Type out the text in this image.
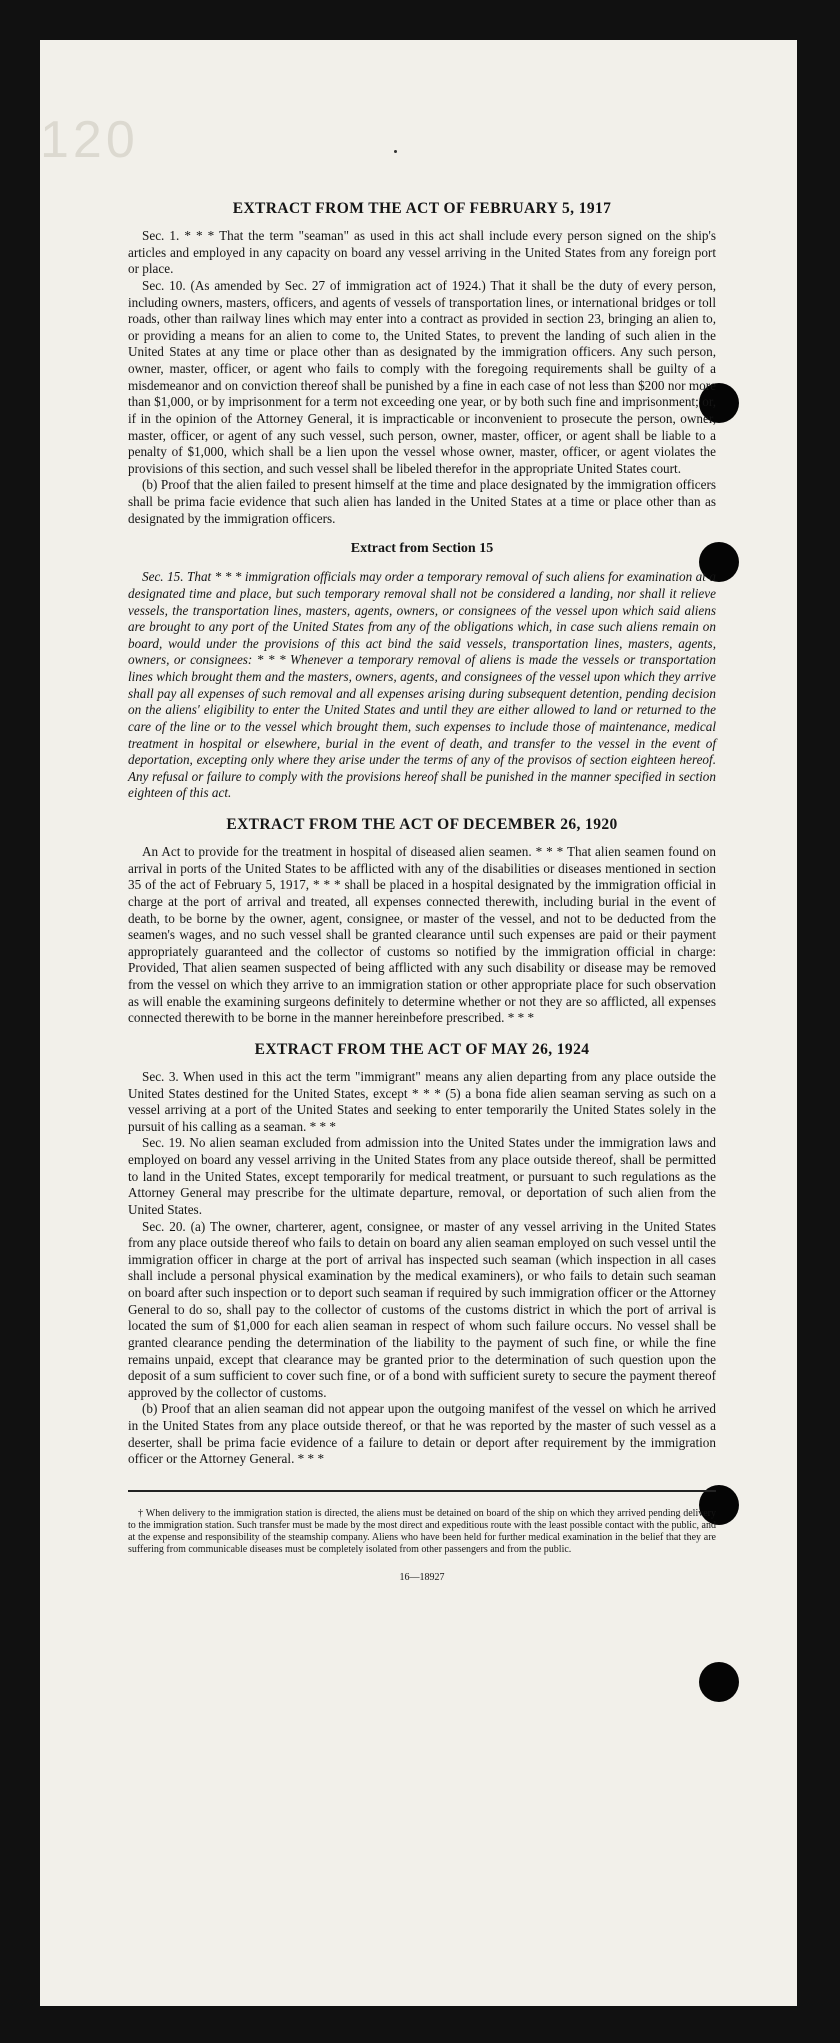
120
EXTRACT FROM THE ACT OF FEBRUARY 5, 1917

Sec. 1. * * * That the term "seaman" as used in this act shall include every person signed on the ship's articles and employed in any capacity on board any vessel arriving in the United States from any foreign port or place.

Sec. 10. (As amended by Sec. 27 of immigration act of 1924.) That it shall be the duty of every person, including owners, masters, officers, and agents of vessels of transportation lines, or international bridges or toll roads, other than railway lines which may enter into a contract as provided in section 23, bringing an alien to, or providing a means for an alien to come to, the United States, to prevent the landing of such alien in the United States at any time or place other than as designated by the immigration officers. Any such person, owner, master, officer, or agent who fails to comply with the foregoing requirements shall be guilty of a misdemeanor and on conviction thereof shall be punished by a fine in each case of not less than $200 nor more than $1,000, or by imprisonment for a term not exceeding one year, or by both such fine and imprisonment; or, if in the opinion of the Attorney General, it is impracticable or inconvenient to prosecute the person, owner, master, officer, or agent of any such vessel, such person, owner, master, officer, or agent shall be liable to a penalty of $1,000, which shall be a lien upon the vessel whose owner, master, officer, or agent violates the provisions of this section, and such vessel shall be libeled therefor in the appropriate United States court.

(b) Proof that the alien failed to present himself at the time and place designated by the immigration officers shall be prima facie evidence that such alien has landed in the United States at a time or place other than as designated by the immigration officers.

Extract from Section 15

Sec. 15. That * * * immigration officials may order a temporary removal of such aliens for examination at a designated time and place, but such temporary removal shall not be considered a landing, nor shall it relieve vessels, the transportation lines, masters, agents, owners, or consignees of the vessel upon which said aliens are brought to any port of the United States from any of the obligations which, in case such aliens remain on board, would under the provisions of this act bind the said vessels, transportation lines, masters, agents, owners, or consignees: * * * Whenever a temporary removal of aliens is made the vessels or transportation lines which brought them and the masters, owners, agents, and consignees of the vessel upon which they arrive shall pay all expenses of such removal and all expenses arising during subsequent detention, pending decision on the aliens' eligibility to enter the United States and until they are either allowed to land or returned to the care of the line or to the vessel which brought them, such expenses to include those of maintenance, medical treatment in hospital or elsewhere, burial in the event of death, and transfer to the vessel in the event of deportation, excepting only where they arise under the terms of any of the provisos of section eighteen hereof. Any refusal or failure to comply with the provisions hereof shall be punished in the manner specified in section eighteen of this act.

EXTRACT FROM THE ACT OF DECEMBER 26, 1920

An Act to provide for the treatment in hospital of diseased alien seamen. * * * That alien seamen found on arrival in ports of the United States to be afflicted with any of the disabilities or diseases mentioned in section 35 of the act of February 5, 1917, * * * shall be placed in a hospital designated by the immigration official in charge at the port of arrival and treated, all expenses connected therewith, including burial in the event of death, to be borne by the owner, agent, consignee, or master of the vessel, and not to be deducted from the seamen's wages, and no such vessel shall be granted clearance until such expenses are paid or their payment appropriately guaranteed and the collector of customs so notified by the immigration official in charge: Provided, That alien seamen suspected of being afflicted with any such disability or disease may be removed from the vessel on which they arrive to an immigration station or other appropriate place for such observation as will enable the examining surgeons definitely to determine whether or not they are so afflicted, all expenses connected therewith to be borne in the manner hereinbefore prescribed. * * *

EXTRACT FROM THE ACT OF MAY 26, 1924

Sec. 3. When used in this act the term "immigrant" means any alien departing from any place outside the United States destined for the United States, except * * * (5) a bona fide alien seaman serving as such on a vessel arriving at a port of the United States and seeking to enter temporarily the United States solely in the pursuit of his calling as a seaman. * * *

Sec. 19. No alien seaman excluded from admission into the United States under the immigration laws and employed on board any vessel arriving in the United States from any place outside thereof, shall be permitted to land in the United States, except temporarily for medical treatment, or pursuant to such regulations as the Attorney General may prescribe for the ultimate departure, removal, or deportation of such alien from the United States.

Sec. 20. (a) The owner, charterer, agent, consignee, or master of any vessel arriving in the United States from any place outside thereof who fails to detain on board any alien seaman employed on such vessel until the immigration officer in charge at the port of arrival has inspected such seaman (which inspection in all cases shall include a personal physical examination by the medical examiners), or who fails to detain such seaman on board after such inspection or to deport such seaman if required by such immigration officer or the Attorney General to do so, shall pay to the collector of customs of the customs district in which the port of arrival is located the sum of $1,000 for each alien seaman in respect of whom such failure occurs. No vessel shall be granted clearance pending the determination of the liability to the payment of such fine, or while the fine remains unpaid, except that clearance may be granted prior to the determination of such question upon the deposit of a sum sufficient to cover such fine, or of a bond with sufficient surety to secure the payment thereof approved by the collector of customs.

(b) Proof that an alien seaman did not appear upon the outgoing manifest of the vessel on which he arrived in the United States from any place outside thereof, or that he was reported by the master of such vessel as a deserter, shall be prima facie evidence of a failure to detain or deport after requirement by the immigration officer or the Attorney General. * * *

† When delivery to the immigration station is directed, the aliens must be detained on board of the ship on which they arrived pending delivery to the immigration station. Such transfer must be made by the most direct and expeditious route with the least possible contact with the public, and at the expense and responsibility of the steamship company. Aliens who have been held for further medical examination in the belief that they are suffering from communicable diseases must be completely isolated from other passengers and from the public.

16—18927
